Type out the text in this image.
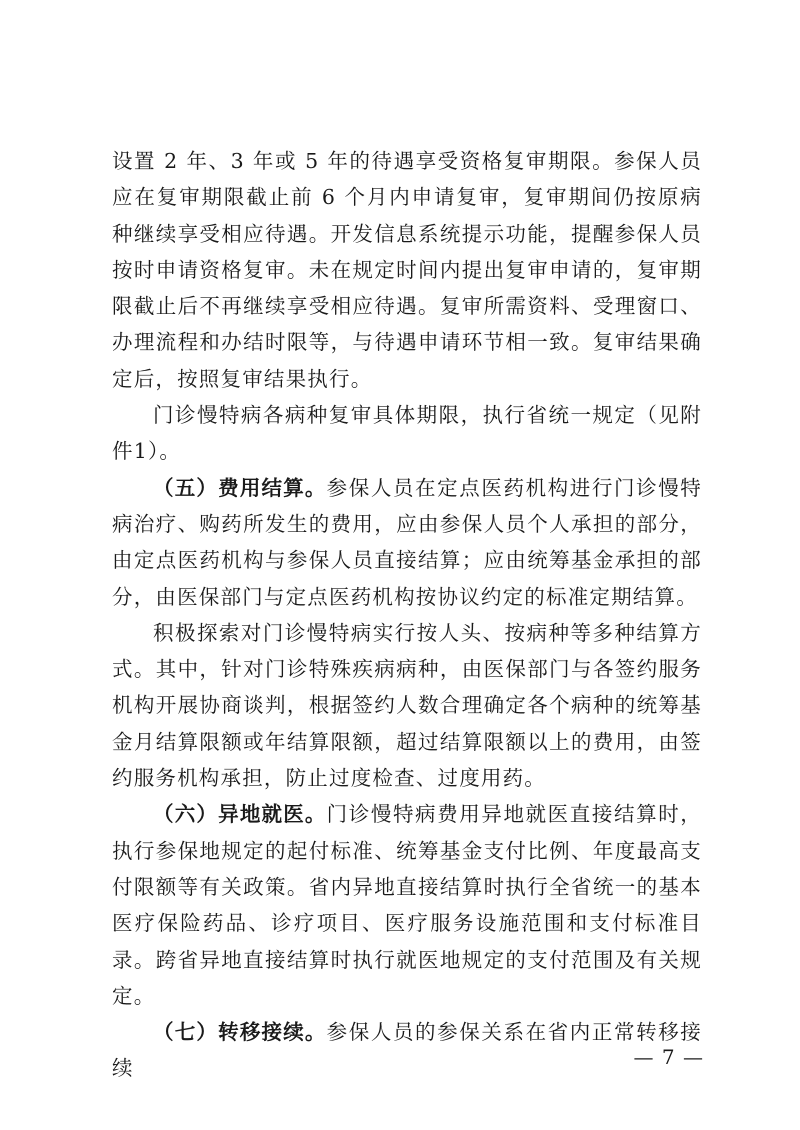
设置 2 年、3 年或 5 年的待遇享受资格复审期限。参保人员应在复审期限截止前 6 个月内申请复审，复审期间仍按原病种继续享受相应待遇。开发信息系统提示功能，提醒参保人员按时申请资格复审。未在规定时间内提出复审申请的，复审期限截止后不再继续享受相应待遇。复审所需资料、受理窗口、办理流程和办结时限等，与待遇申请环节相一致。复审结果确定后，按照复审结果执行。

门诊慢特病各病种复审具体期限，执行省统一规定（见附件1）。

（五）费用结算。参保人员在定点医药机构进行门诊慢特病治疗、购药所发生的费用，应由参保人员个人承担的部分，由定点医药机构与参保人员直接结算；应由统筹基金承担的部分，由医保部门与定点医药机构按协议约定的标准定期结算。

积极探索对门诊慢特病实行按人头、按病种等多种结算方式。其中，针对门诊特殊疾病病种，由医保部门与各签约服务机构开展协商谈判，根据签约人数合理确定各个病种的统筹基金月结算限额或年结算限额，超过结算限额以上的费用，由签约服务机构承担，防止过度检查、过度用药。

（六）异地就医。门诊慢特病费用异地就医直接结算时，执行参保地规定的起付标准、统筹基金支付比例、年度最高支付限额等有关政策。省内异地直接结算时执行全省统一的基本医疗保险药品、诊疗项目、医疗服务设施范围和支付标准目录。跨省异地直接结算时执行就医地规定的支付范围及有关规定。

（七）转移接续。参保人员的参保关系在省内正常转移接续	— 7 —
